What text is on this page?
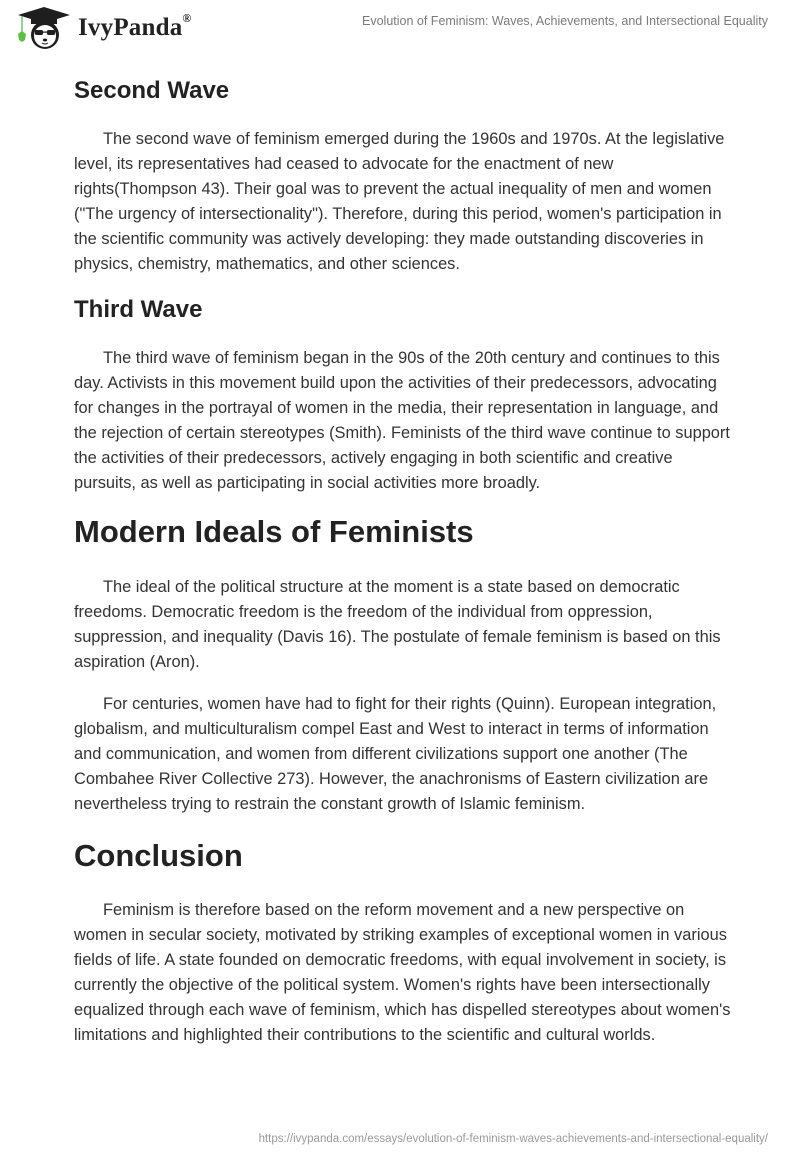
IvyPanda®	Evolution of Feminism: Waves, Achievements, and Intersectional Equality
Second Wave

The second wave of feminism emerged during the 1960s and 1970s. At the legislative level, its representatives had ceased to advocate for the enactment of new rights(Thompson 43). Their goal was to prevent the actual inequality of men and women ("The urgency of intersectionality"). Therefore, during this period, women's participation in the scientific community was actively developing: they made outstanding discoveries in physics, chemistry, mathematics, and other sciences.

Third Wave

The third wave of feminism began in the 90s of the 20th century and continues to this day. Activists in this movement build upon the activities of their predecessors, advocating for changes in the portrayal of women in the media, their representation in language, and the rejection of certain stereotypes (Smith). Feminists of the third wave continue to support the activities of their predecessors, actively engaging in both scientific and creative pursuits, as well as participating in social activities more broadly.

Modern Ideals of Feminists

The ideal of the political structure at the moment is a state based on democratic freedoms. Democratic freedom is the freedom of the individual from oppression, suppression, and inequality (Davis 16). The postulate of female feminism is based on this aspiration (Aron).

For centuries, women have had to fight for their rights (Quinn). European integration, globalism, and multiculturalism compel East and West to interact in terms of information and communication, and women from different civilizations support one another (The Combahee River Collective 273). However, the anachronisms of Eastern civilization are nevertheless trying to restrain the constant growth of Islamic feminism.

Conclusion

Feminism is therefore based on the reform movement and a new perspective on women in secular society, motivated by striking examples of exceptional women in various fields of life. A state founded on democratic freedoms, with equal involvement in society, is currently the objective of the political system. Women's rights have been intersectionally equalized through each wave of feminism, which has dispelled stereotypes about women's limitations and highlighted their contributions to the scientific and cultural worlds.

https://ivypanda.com/essays/evolution-of-feminism-waves-achievements-and-intersectional-equality/
